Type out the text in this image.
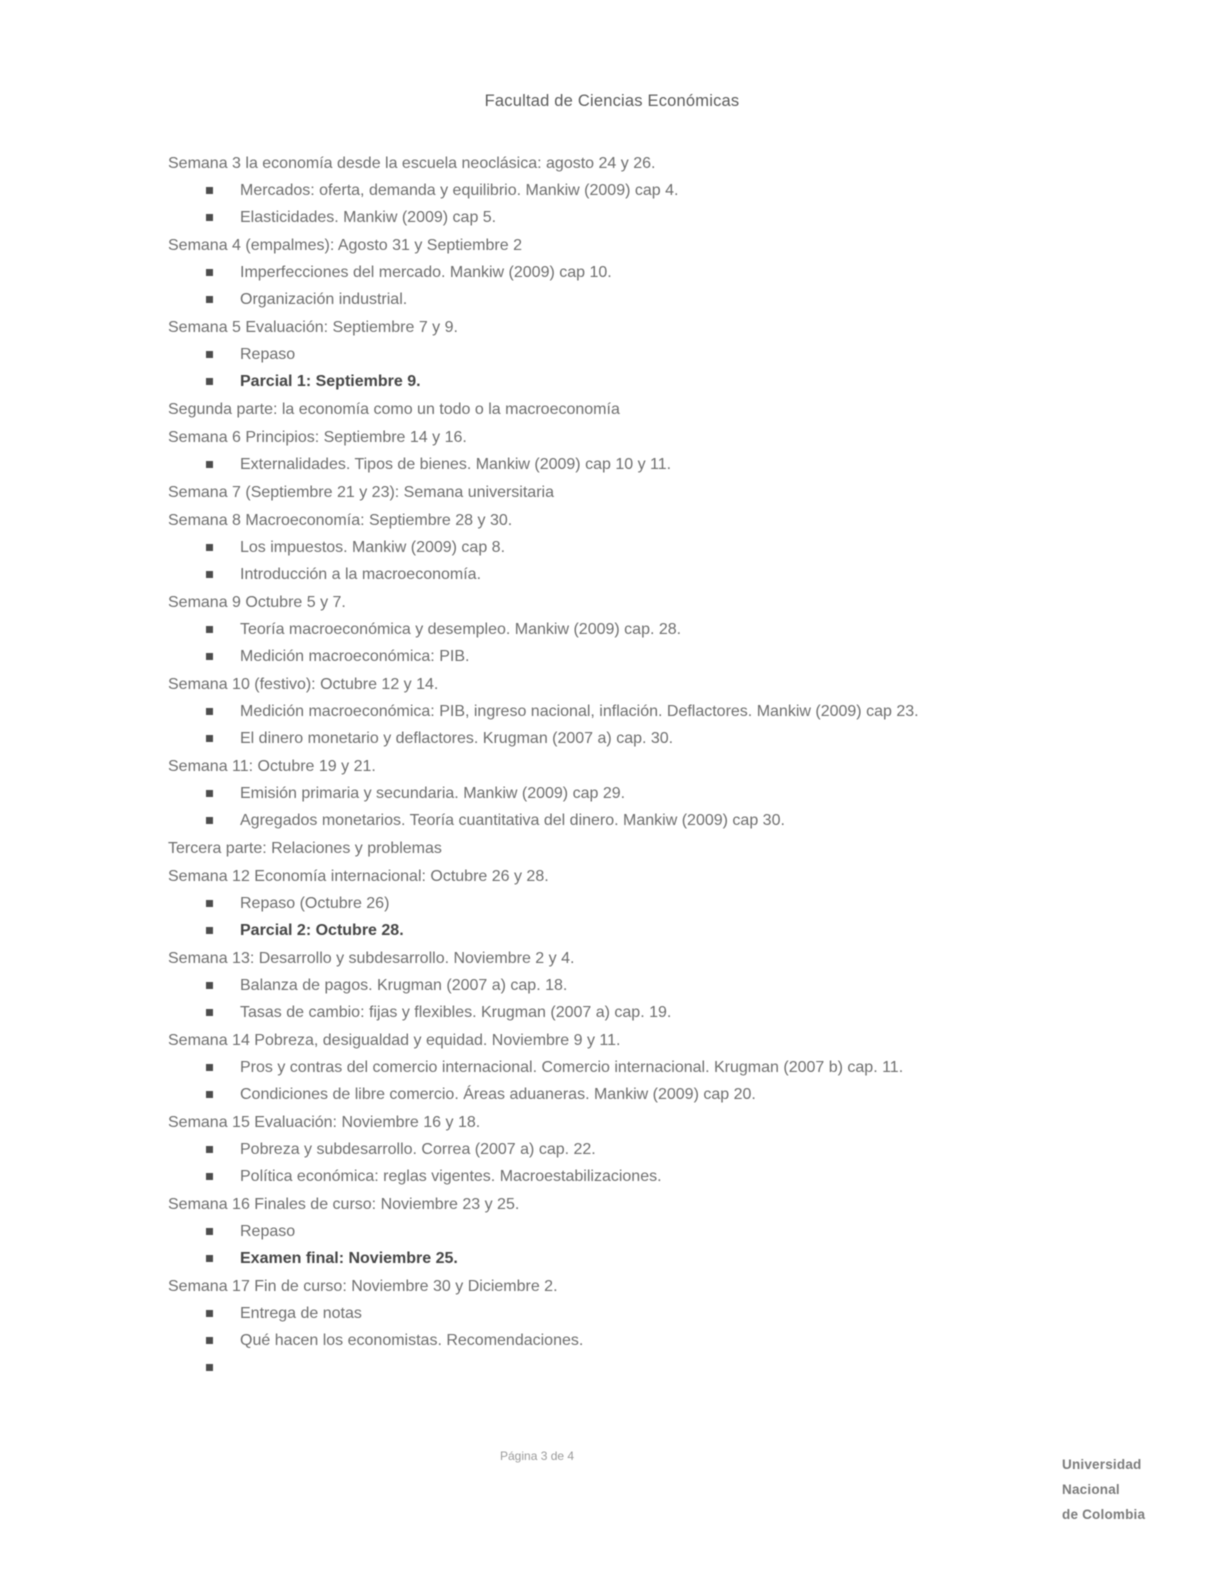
Facultad de Ciencias Económicas
Semana 3 la economía desde la escuela neoclásica: agosto 24 y 26.
Mercados: oferta, demanda y equilibrio. Mankiw (2009) cap 4.
Elasticidades. Mankiw (2009) cap 5.
Semana 4 (empalmes): Agosto 31 y Septiembre 2
Imperfecciones del mercado. Mankiw (2009) cap 10.
Organización industrial.
Semana 5 Evaluación: Septiembre 7 y 9.
Repaso
Parcial 1: Septiembre 9.
Segunda parte: la economía como un todo o la macroeconomía
Semana 6 Principios: Septiembre 14 y 16.
Externalidades. Tipos de bienes. Mankiw (2009) cap 10 y 11.
Semana 7 (Septiembre 21 y 23): Semana universitaria
Semana 8 Macroeconomía: Septiembre 28 y 30.
Los impuestos. Mankiw (2009) cap 8.
Introducción a la macroeconomía.
Semana 9 Octubre 5 y 7.
Teoría macroeconómica y desempleo. Mankiw (2009) cap. 28.
Medición macroeconómica: PIB.
Semana 10 (festivo): Octubre 12 y 14.
Medición macroeconómica: PIB, ingreso nacional, inflación. Deflactores. Mankiw (2009) cap 23.
El dinero monetario y deflactores. Krugman (2007 a) cap. 30.
Semana 11: Octubre 19 y 21.
Emisión primaria y secundaria. Mankiw (2009) cap 29.
Agregados monetarios. Teoría cuantitativa del dinero. Mankiw (2009) cap 30.
Tercera parte: Relaciones y problemas
Semana 12 Economía internacional: Octubre 26 y 28.
Repaso (Octubre 26)
Parcial 2: Octubre 28.
Semana 13: Desarrollo y subdesarrollo. Noviembre 2 y 4.
Balanza de pagos. Krugman (2007 a) cap. 18.
Tasas de cambio: fijas y flexibles. Krugman (2007 a) cap. 19.
Semana 14 Pobreza, desigualdad y equidad. Noviembre 9 y 11.
Pros y contras del comercio internacional. Comercio internacional. Krugman (2007 b) cap. 11.
Condiciones de libre comercio. Áreas aduaneras. Mankiw (2009) cap 20.
Semana 15 Evaluación: Noviembre 16 y 18.
Pobreza y subdesarrollo. Correa (2007 a) cap. 22.
Política económica: reglas vigentes. Macroestabilizaciones.
Semana 16 Finales de curso: Noviembre 23 y 25.
Repaso
Examen final: Noviembre 25.
Semana 17 Fin de curso: Noviembre 30 y Diciembre 2.
Entrega de notas
Qué hacen los economistas. Recomendaciones.
Página 3 de 4
Universidad
Nacional
de Colombia
